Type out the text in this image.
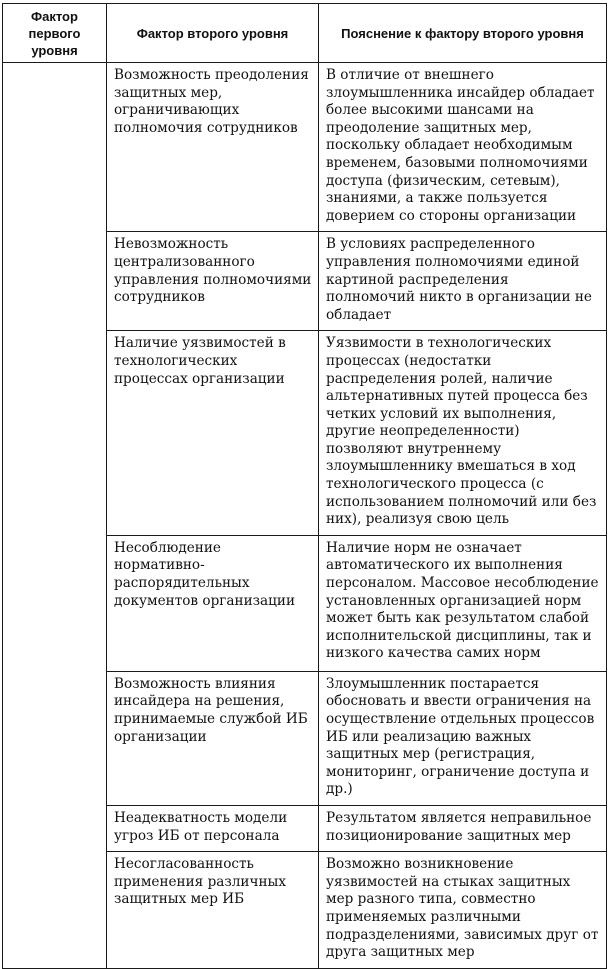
Фактор первого уровня	Фактор второго уровня	Пояснение к фактору второго уровня
	Возможность преодоления защитных мер, ограничивающих полномочия сотрудников	В отличие от внешнего злоумышленника инсайдер обладает более высокими шансами на преодоление защитных мер, поскольку обладает необходимым временем, базовыми полномочиями доступа (физическим, сетевым), знаниями, а также пользуется доверием со стороны организации
	Невозможность централизованного управления полномочиями сотрудников	В условиях распределенного управления полномочиями единой картиной распределения полномочий никто в организации не обладает
	Наличие уязвимостей в технологических процессах организации	Уязвимости в технологических процессах (недостатки распределения ролей, наличие альтернативных путей процесса без четких условий их выполнения, другие неопределенности) позволяют внутреннему злоумышленнику вмешаться в ход технологического процесса (с использованием полномочий или без них), реализуя свою цель
	Несоблюдение нормативно-распорядительных документов организации	Наличие норм не означает автоматического их выполнения персоналом. Массовое несоблюдение установленных организацией норм может быть как результатом слабой исполнительской дисциплины, так и низкого качества самих норм
	Возможность влияния инсайдера на решения, принимаемые службой ИБ организации	Злоумышленник постарается обосновать и ввести ограничения на осуществление отдельных процессов ИБ или реализацию важных защитных мер (регистрация, мониторинг, ограничение доступа и др.)
	Неадекватность модели угроз ИБ от персонала	Результатом является неправильное позиционирование защитных мер
	Несогласованность применения различных защитных мер ИБ	Возможно возникновение уязвимостей на стыках защитных мер разного типа, совместно применяемых различными подразделениями, зависимых друг от друга защитных мер
